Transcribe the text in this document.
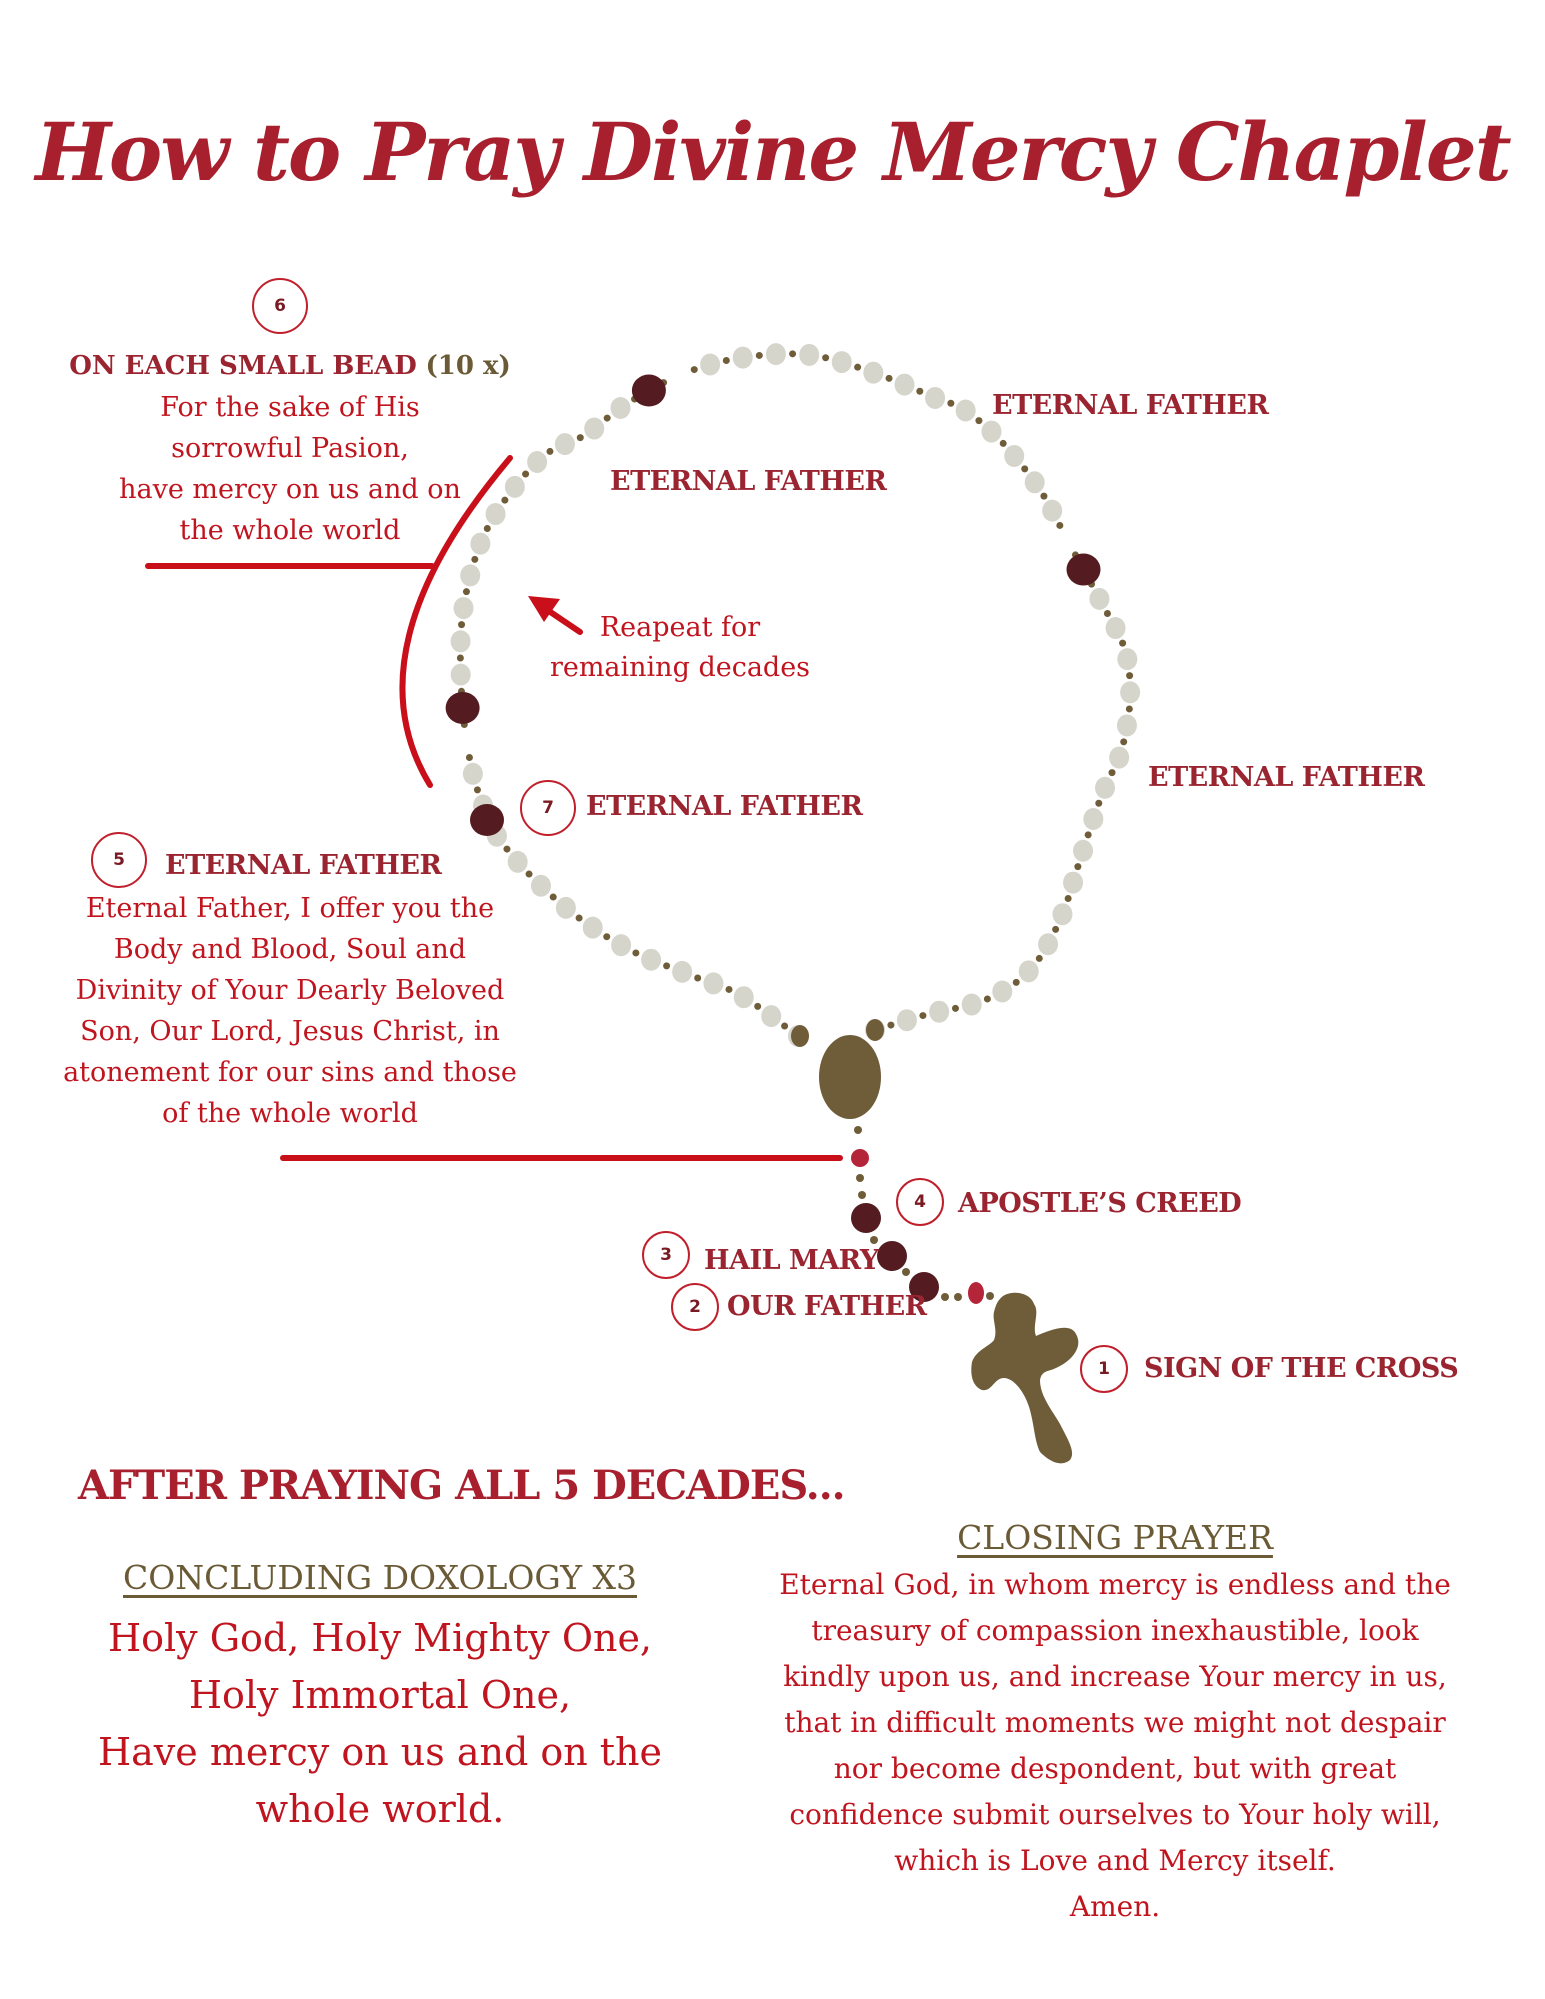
How to Pray Divine Mercy Chaplet
1
2
3
4
5
6
7
SIGN OF THE CROSS
OUR FATHER
HAIL MARY
APOSTLE’S CREED
ETERNAL FATHER
ETERNAL FATHER
ETERNAL FATHER
ETERNAL FATHER
ON EACH SMALL BEAD (10 x)
For the sake of His
sorrowful Pasion,
have mercy on us and on
the whole world
Reapeat for
remaining decades
ETERNAL FATHER
Eternal Father, I offer you the
Body and Blood, Soul and
Divinity of Your Dearly Beloved
Son, Our Lord, Jesus Christ, in
atonement for our sins and those
of the whole world
AFTER PRAYING ALL 5 DECADES...
CONCLUDING DOXOLOGY X3
Holy God, Holy Mighty One,
Holy Immortal One,
Have mercy on us and on the
whole world.
CLOSING PRAYER
Eternal God, in whom mercy is endless and the
treasury of compassion inexhaustible, look
kindly upon us, and increase Your mercy in us,
that in difficult moments we might not despair
nor become despondent, but with great
confidence submit ourselves to Your holy will,
which is Love and Mercy itself.
Amen.
